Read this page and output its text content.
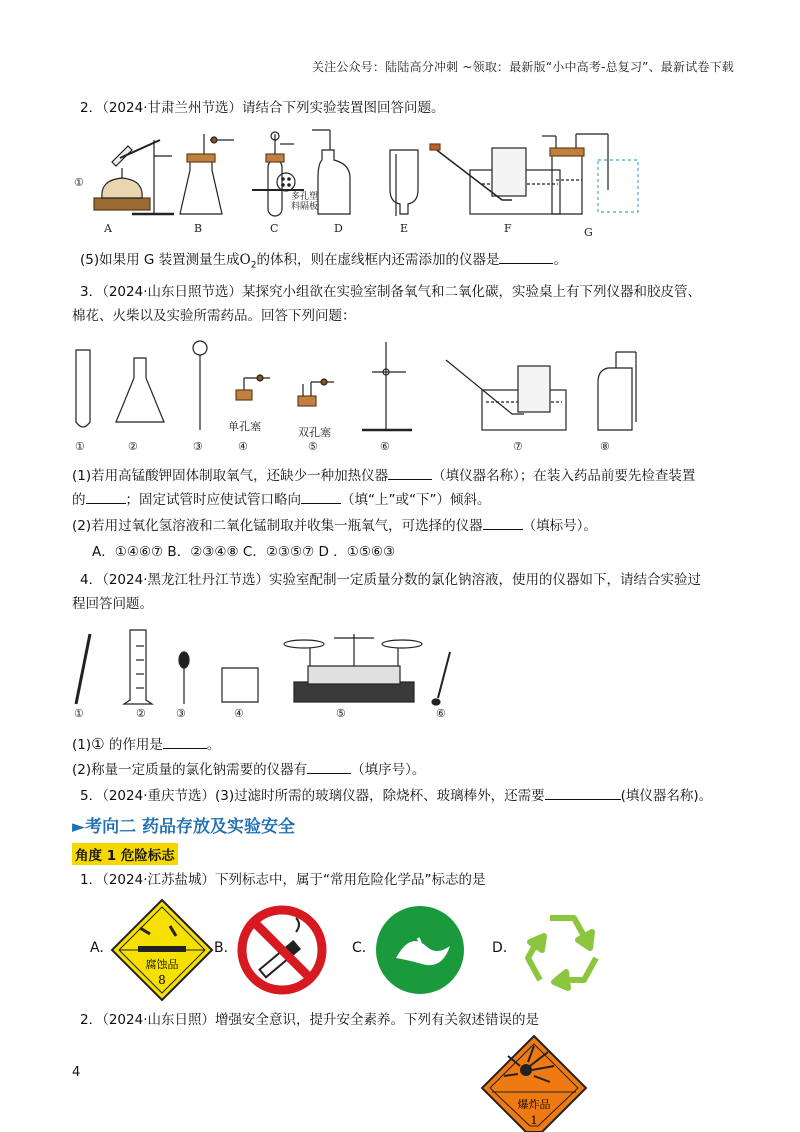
关注公众号：陆陆高分冲刺 ~领取：最新版“小中高考-总复习”、最新试卷下载
2．（2024·甘肃兰州节选）请结合下列实验装置图回答问题。
①
A	B	C	D	E	F	G
多孔塑
料隔板
(5)如果用 G 装置测量生成$O_2$的体积，则在虚线框内还需添加的仪器是	。
3．（2024·山东日照节选）某探究小组欲在实验室制备氧气和二氧化碳，实验桌上有下列仪器和胶皮管、
棉花、火柴以及实验所需药品。回答下列问题：
①	②	③	④	⑤	⑥	⑦	⑧
单孔塞	双孔塞
(1)若用高锰酸钾固体制取氧气，还缺少一种加热仪器	（填仪器名称）；在装入药品前要先检查装置
的	；固定试管时应使试管口略向	（填“上”或“下”）倾斜。
(2)若用过氧化氢溶液和二氧化锰制取并收集一瓶氧气，可选择的仪器	（填标号）。
A．①④⑥⑦ B．②③④⑧ C．②③⑤⑦ D ．①⑤⑥③
4．（2024·黑龙江牡丹江节选）实验室配制一定质量分数的氯化钠溶液，使用的仪器如下，请结合实验过
程回答问题。
①	②	③	④	⑤	⑥
(1)① 的作用是	。
(2)称量一定质量的氯化钠需要的仪器有	（填序号）。
5．（2024·重庆节选）(3)过滤时所需的玻璃仪器，除烧杯、玻璃棒外，还需要	(填仪器名称)。
►考向二 药品存放及实验安全
角度 1 危险标志
1．（2024·江苏盐城）下列标志中，属于“常用危险化学品”标志的是
A.
腐蚀品
8
B.	C.	D.
2．（2024·山东日照）增强安全意识，提升安全素养。下列有关叙述错误的是
爆炸品
1
4
